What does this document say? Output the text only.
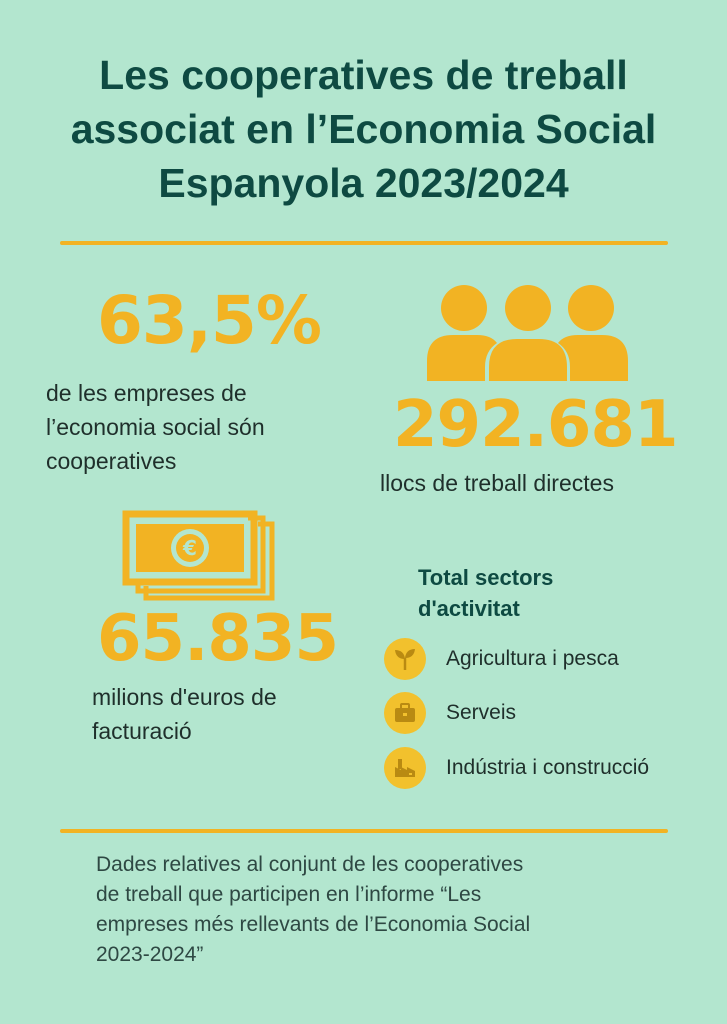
Les cooperatives de treball
associat en l’Economia Social
Espanyola 2023/2024
63,5%
de les empreses de
l’economia social són
cooperatives	292.681
llocs de treball directes
€
65.835
milions d'euros de
facturació
Total sectors
d'activitat
Agricultura i pesca
Serveis
Indústria i construcció
Dades relatives al conjunt de les cooperatives
de treball que participen en l’informe “Les
empreses més rellevants de l’Economia Social
2023-2024”
